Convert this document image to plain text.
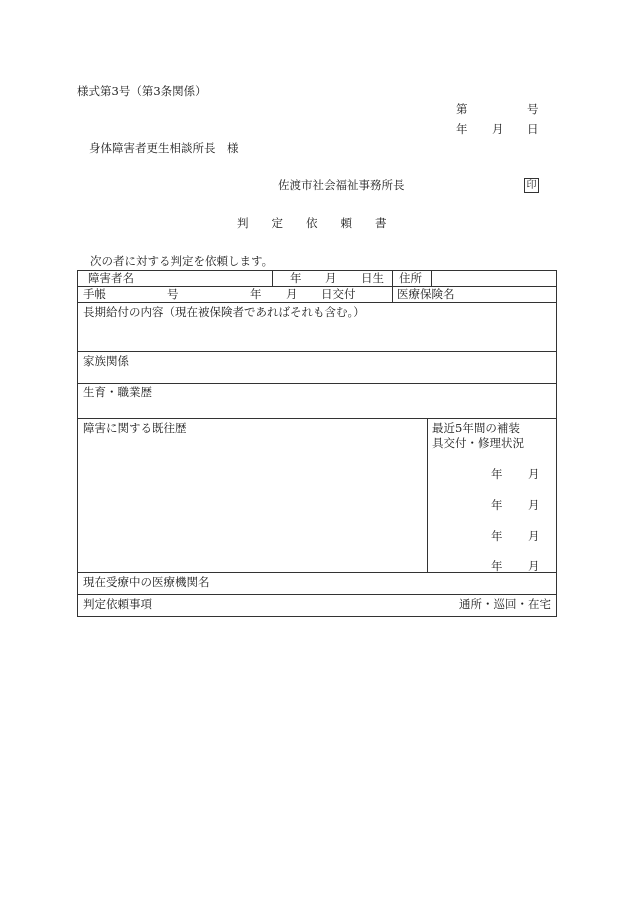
様式第3号（第3条関係）
第	号
年 月 日
身体障害者更生相談所長　様
佐渡市社会福祉事務所長	印
判　　定　　依　　頼　　書
次の者に対する判定を依頼します。
障害者名	年 月 日生 住所
手帳	号	年 月 日交付	医療保険名
長期給付の内容（現在被保険者であればそれも含む。）
家族関係
生育・職業歴
障害に関する既往歴	最近5年間の補装
具交付・修理状況
年 月
年 月
年 月
年 月
現在受療中の医療機関名
判定依頼事項	通所・巡回・在宅
